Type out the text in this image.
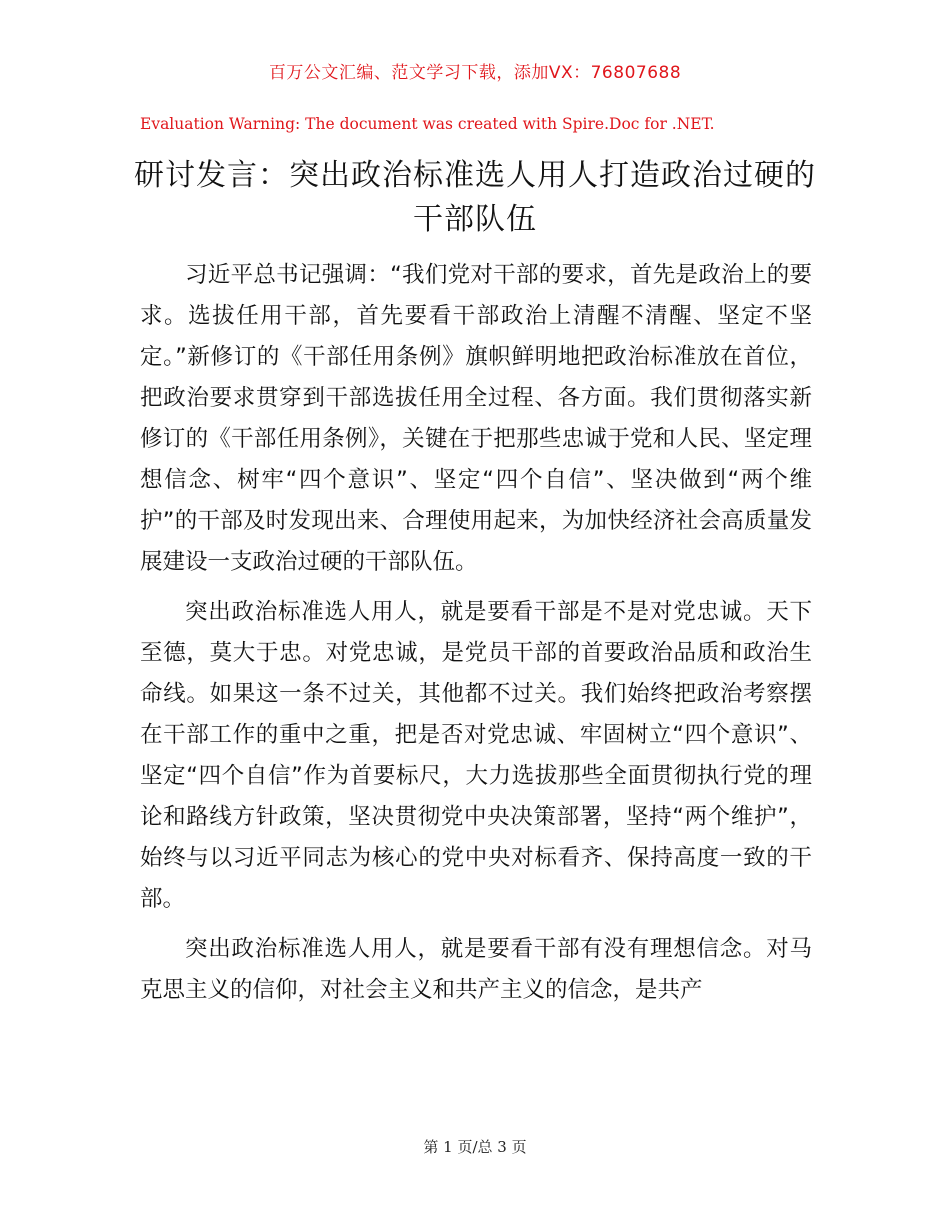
百万公文汇编、范文学习下载，添加VX：76807688
Evaluation Warning: The document was created with Spire.Doc for .NET.
研讨发言：突出政治标准选人用人打造政治过硬的干部队伍

习近平总书记强调：“我们党对干部的要求，首先是政治上的要求。选拔任用干部，首先要看干部政治上清醒不清醒、坚定不坚定。”新修订的《干部任用条例》旗帜鲜明地把政治标准放在首位，把政治要求贯穿到干部选拔任用全过程、各方面。我们贯彻落实新修订的《干部任用条例》，关键在于把那些忠诚于党和人民、坚定理想信念、树牢“四个意识”、坚定“四个自信”、坚决做到“两个维护”的干部及时发现出来、合理使用起来，为加快经济社会高质量发展建设一支政治过硬的干部队伍。

突出政治标准选人用人，就是要看干部是不是对党忠诚。天下至德，莫大于忠。对党忠诚，是党员干部的首要政治品质和政治生命线。如果这一条不过关，其他都不过关。我们始终把政治考察摆在干部工作的重中之重，把是否对党忠诚、牢固树立“四个意识”、坚定“四个自信”作为首要标尺，大力选拔那些全面贯彻执行党的理论和路线方针政策，坚决贯彻党中央决策部署，坚持“两个维护”，始终与以习近平同志为核心的党中央对标看齐、保持高度一致的干部。

突出政治标准选人用人，就是要看干部有没有理想信念。对马克思主义的信仰，对社会主义和共产主义的信念，是共产

第 1 页/总 3 页
